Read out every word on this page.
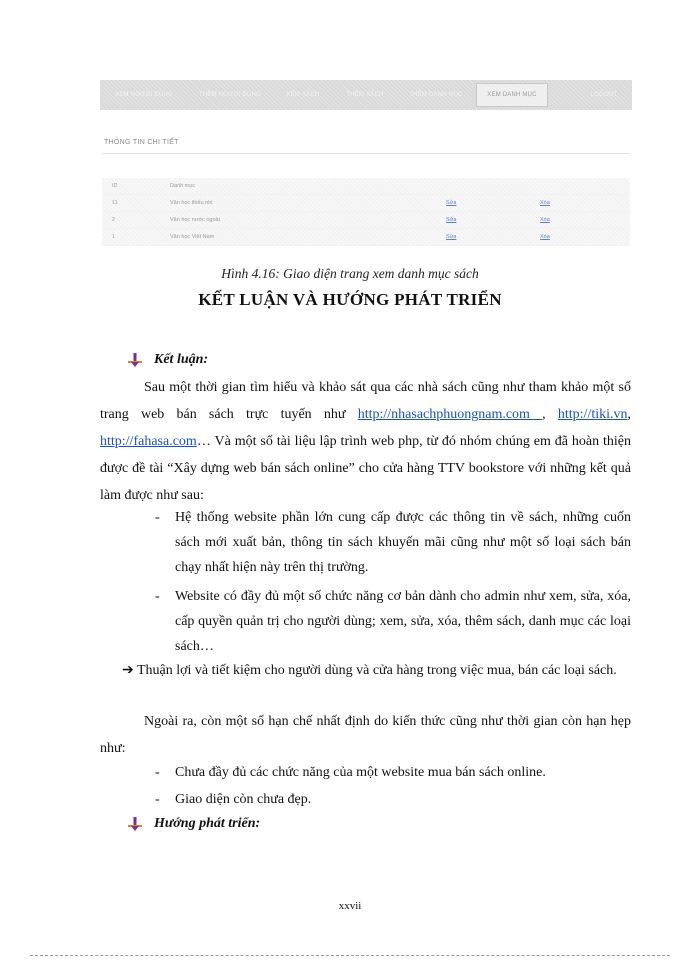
XEM NGƯỜI DÙNG	THÊM NGƯỜI DÙNG	XEM SÁCH	THÊM SÁCH	THÊM DANH MỤC	XEM DANH MỤC	LOGOUT
THÔNG TIN CHI TIẾT
ID	Danh mục
11	Văn học thiếu nhi	Sửa	Xóa
2	Văn học nước ngoài	Sửa	Xóa
1	Văn học Việt Nam	Sửa	Xóa
Hình 4.16: Giao diện trang xem danh mục sách
KẾT LUẬN VÀ HƯỚNG PHÁT TRIỂN
Kết luận:
Sau một thời gian tìm hiểu và khảo sát qua các nhà sách cũng như tham khảo một số trang web bán sách trực tuyến như http://nhasachphuongnam.com , http://tiki.vn, http://fahasa.com… Và một số tài liệu lập trình web php, từ đó nhóm chúng em đã hoàn thiện được đề tài “Xây dựng web bán sách online” cho cửa hàng TTV bookstore với những kết quả làm được như sau:
-	Hệ thống website phần lớn cung cấp được các thông tin về sách, những cuốn sách mới xuất bản, thông tin sách khuyến mãi cũng như một số loại sách bán chạy nhất hiện này trên thị trường.
-	Website có đầy đủ một số chức năng cơ bản dành cho admin như xem, sửa, xóa, cấp quyền quản trị cho người dùng; xem, sửa, xóa, thêm sách, danh mục các loại sách…
➔ Thuận lợi và tiết kiệm cho người dùng và cửa hàng trong việc mua, bán các loại sách.
Ngoài ra, còn một số hạn chế nhất định do kiến thức cũng như thời gian còn hạn hẹp như:
-	Chưa đầy đủ các chức năng của một website mua bán sách online.
-	Giao diện còn chưa đẹp.
Hướng phát triển:
xxvii
